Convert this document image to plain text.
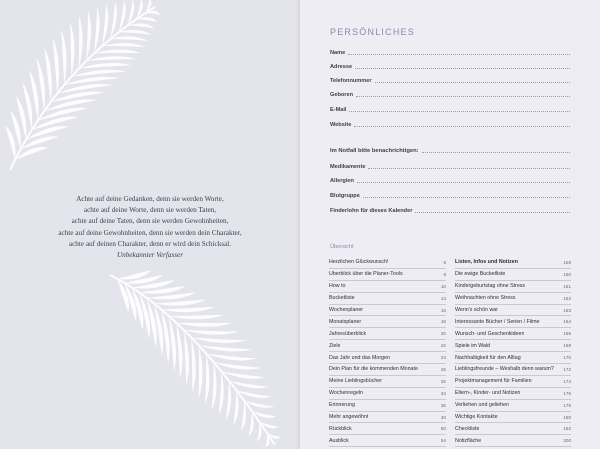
Achte auf deine Gedanken, denn sie werden Worte,
achte auf deine Worte, denn sie werden Taten,
achte auf deine Taten, denn sie werden Gewohnheiten,
achte auf deine Gewohnheiten, denn sie werden dein Charakter,
achte auf deinen Charakter, denn er wird dein Schicksal.
Unbekannter Verfasser
PERSÖNLICHES
Name
Adresse
Telefonnummer
Geboren
E-Mail
Website
Im Notfall bitte benachrichtigen:
Medikamente
Allergien
Blutgruppe
Finderlohn für dieses Kalender
Übersicht
Herzlichen Glückwunsch!	6
Überblick über die Planer-Tools	8
How to	10
Bucketliste	14
Wochenplaner	16
Monatsplaner	18
Jahresüberblick	20
Ziele	22
Das Jahr und das Morgen	24
Dein Plan für die kommenden Monate	26
Meine Lieblingsbücher	32
Wochenregeln	34
Erinnerung	36
Mehr angewöhnt	40
Rückblick	50
Ausblick	54
Listen, Infos und Notizen	158
Die ewige Bucketliste	160
Kindergeburtstag ohne Stress	161
Weihnachten ohne Stress	162
Wenn's schön war	163
Interessante Bücher / Serien / Filme	164
Wunsch- und Geschenkideen	166
Spiele im Wald	168
Nachhaltigkeit für den Alltag	170
Lieblingsfreunde – Weshalb denn warum? 172
Projektmanagement für Familien	174
Eltern-, Kinder- und Notizen	176
Verliehen und geliehen	178
Wichtige Kontakte	180
Checkliste	182
Notizfläche	200
